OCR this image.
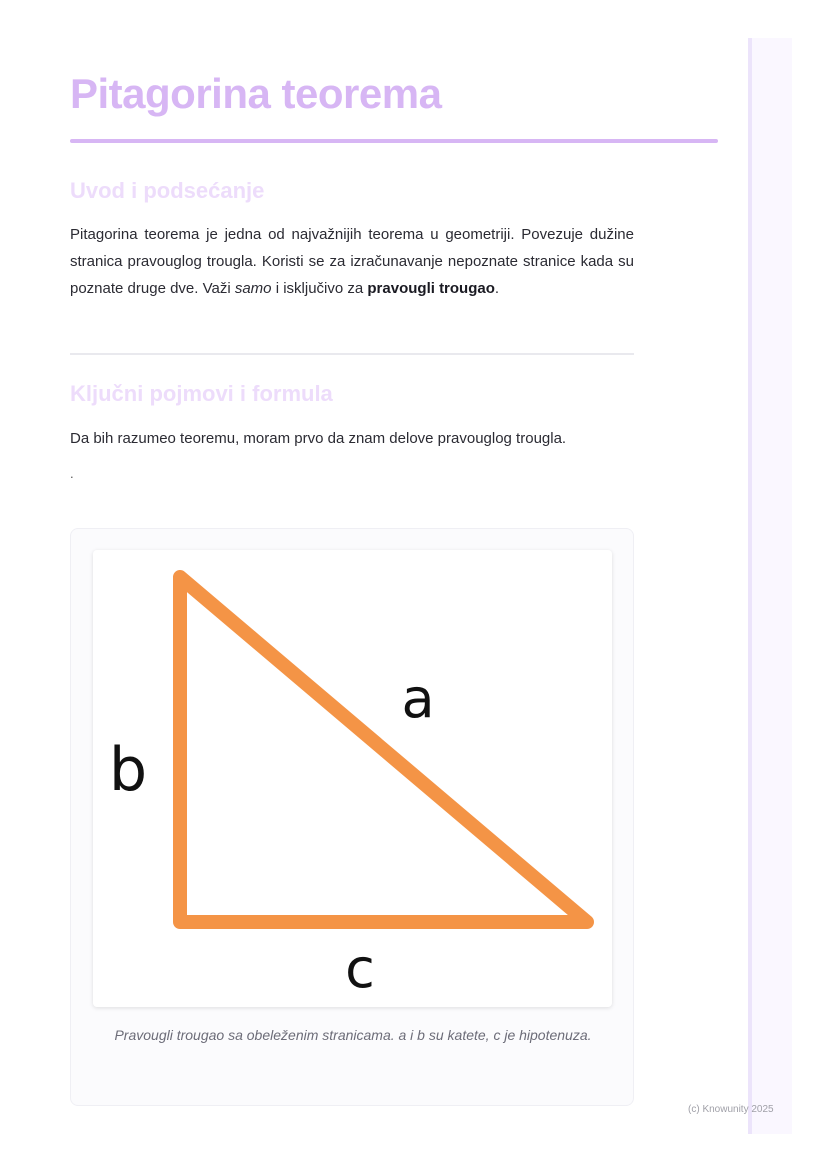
Pitagorina teorema
Uvod i podsećanje

Pitagorina teorema je jedna od najvažnijih teorema u geometriji. Povezuje dužine stranica pravouglog trougla. Koristi se za izračunavanje nepoznate stranice kada su poznate druge dve. Važi samo i isključivo za pravougli trougao.

Ključni pojmovi i formula

Da bih razumeo teoremu, moram prvo da znam delove pravouglog trougla.

.

a
b
c

Pravougli trougao sa obeleženim stranicama. a i b su katete, c je hipotenuza.

(c) Knowunity 2025
